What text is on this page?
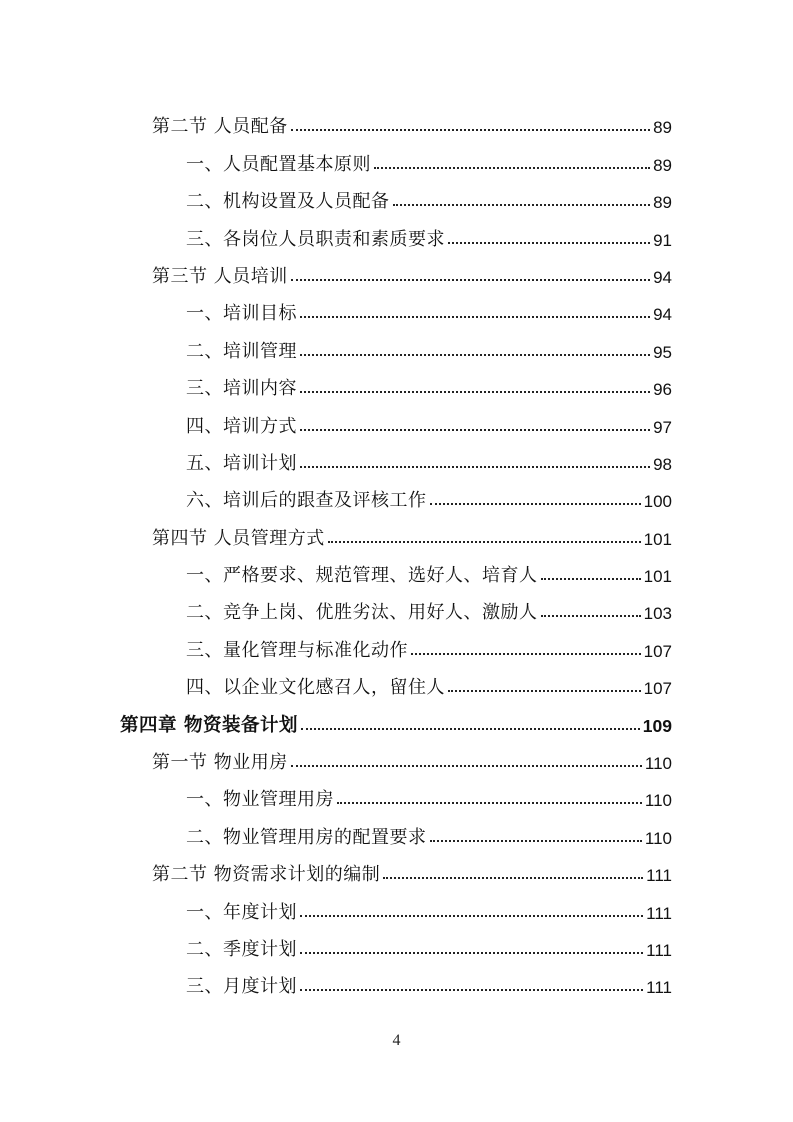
第二节 人员配备	89
一、人员配置基本原则	89
二、机构设置及人员配备	89
三、各岗位人员职责和素质要求	91
第三节 人员培训	94
一、培训目标	94
二、培训管理	95
三、培训内容	96
四、培训方式	97
五、培训计划	98
六、培训后的跟查及评核工作	100
第四节 人员管理方式	101
一、严格要求、规范管理、选好人、培育人	101
二、竞争上岗、优胜劣汰、用好人、激励人	103
三、量化管理与标准化动作	107
四、以企业文化感召人，留住人	107
第四章 物资装备计划	109
第一节 物业用房	110
一、物业管理用房	110
二、物业管理用房的配置要求	110
第二节 物资需求计划的编制	111
一、年度计划	111
二、季度计划	111
三、月度计划	111
4
